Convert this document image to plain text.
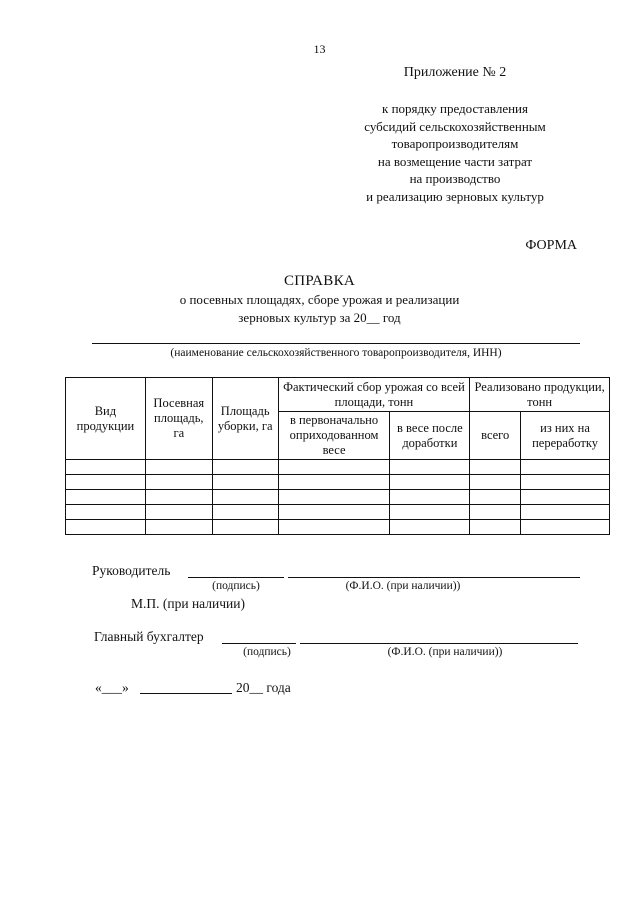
13
Приложение № 2
к порядку предоставления
субсидий сельскохозяйственным
товаропроизводителям
на возмещение части затрат
на производство
и реализацию зерновых культур
ФОРМА
СПРАВКА
о посевных площадях, сборе урожая и реализации
зерновых культур за 20__ год
(наименование сельскохозяйственного товаропроизводителя, ИНН)
Вид продукции	Посевная площадь, га	Площадь уборки, га	Фактический сбор урожая со всей площади, тонн		Реализовано продукции, тонн	
			в первоначально оприходованном весе	в весе после доработки	всего	из них на переработку

Руководитель
(подпись)	(Ф.И.О. (при наличии))
М.П. (при наличии)
Главный бухгалтер
(подпись)	(Ф.И.О. (при наличии))
«___»	20__ года
